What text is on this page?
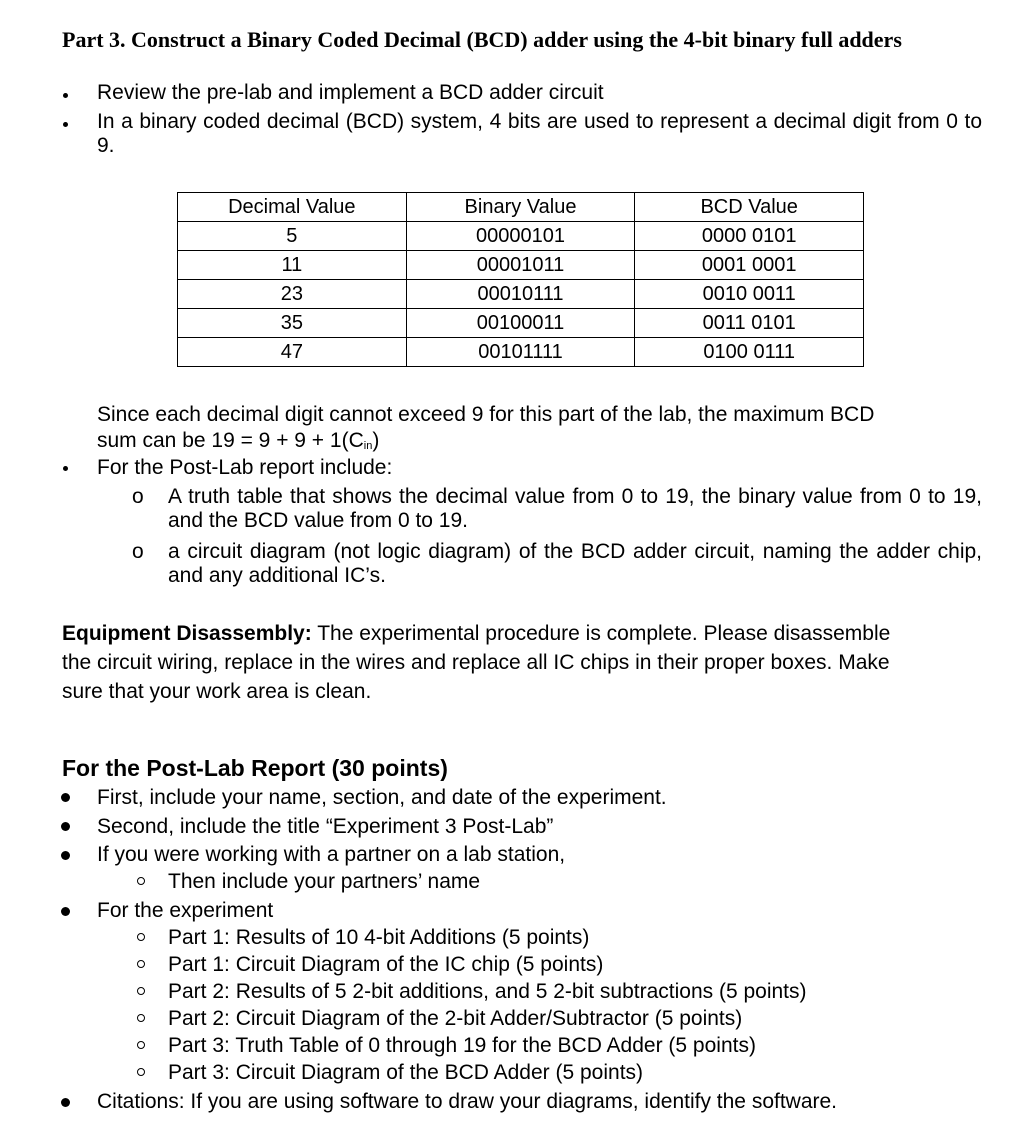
Part 3. Construct a Binary Coded Decimal (BCD) adder using the 4-bit binary full adders
Review the pre-lab and implement a BCD adder circuit
In a binary coded decimal (BCD) system, 4 bits are used to represent a decimal digit from 0 to 9.
Decimal Value	Binary Value	BCD Value
5	00000101	0000 0101
11	00001011	0001 0001
23	00010111	0010 0011
35	00100011	0011 0101
47	00101111	0100 0111
Since each decimal digit cannot exceed 9 for this part of the lab, the maximum BCD
sum can be $19 = 9 + 9 + 1(C_{in})$
For the Post-Lab report include:
o A truth table that shows the decimal value from 0 to 19, the binary value from 0 to 19, and the BCD value from 0 to 19.
o a circuit diagram (not logic diagram) of the BCD adder circuit, naming the adder chip, and any additional IC’s.
Equipment Disassembly: The experimental procedure is complete. Please disassemble the circuit wiring, replace in the wires and replace all IC chips in their proper boxes. Make sure that your work area is clean.
For the Post-Lab Report (30 points)
First, include your name, section, and date of the experiment.
Second, include the title “Experiment 3 Post-Lab”
If you were working with a partner on a lab station,
Then include your partners’ name
For the experiment
Part 1: Results of 10 4-bit Additions (5 points)
Part 1: Circuit Diagram of the IC chip (5 points)
Part 2: Results of 5 2-bit additions, and 5 2-bit subtractions (5 points)
Part 2: Circuit Diagram of the 2-bit Adder/Subtractor (5 points)
Part 3: Truth Table of 0 through 19 for the BCD Adder (5 points)
Part 3: Circuit Diagram of the BCD Adder (5 points)
Citations: If you are using software to draw your diagrams, identify the software.
